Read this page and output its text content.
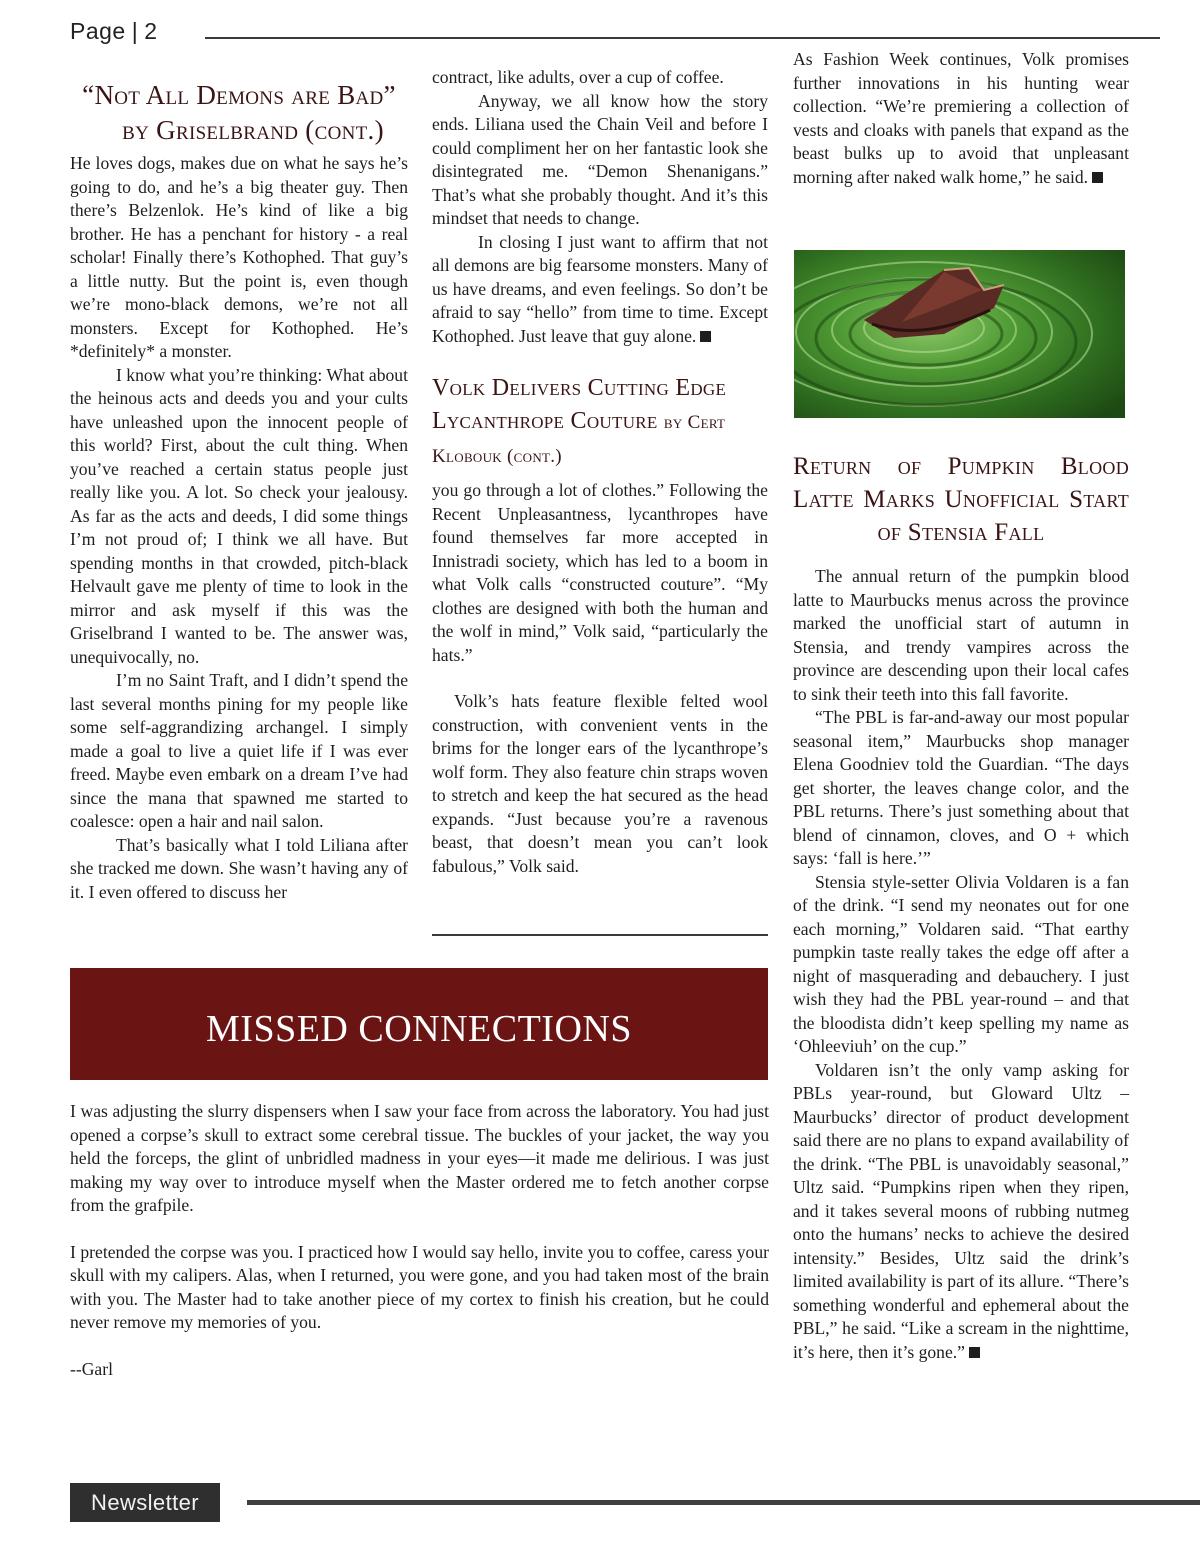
Page | 2
“Not All Demons are Bad”
by Griselbrand (cont.)

He loves dogs, makes due on what he says he’s going to do, and he’s a big theater guy. Then there’s Belzenlok. He’s kind of like a big brother. He has a penchant for history - a real scholar! Finally there’s Kothophed. That guy’s a little nutty. But the point is, even though we’re mono-black demons, we’re not all monsters. Except for Kothophed. He’s *definitely* a monster.

I know what you’re thinking: What about the heinous acts and deeds you and your cults have unleashed upon the innocent people of this world? First, about the cult thing. When you’ve reached a certain status people just really like you. A lot. So check your jealousy. As far as the acts and deeds, I did some things I’m not proud of; I think we all have. But spending months in that crowded, pitch-black Helvault gave me plenty of time to look in the mirror and ask myself if this was the Griselbrand I wanted to be. The answer was, unequivocally, no.

I’m no Saint Traft, and I didn’t spend the last several months pining for my people like some self-aggrandizing archangel. I simply made a goal to live a quiet life if I was ever freed. Maybe even embark on a dream I’ve had since the mana that spawned me started to coalesce: open a hair and nail salon.

That’s basically what I told Liliana after she tracked me down. She wasn’t having any of it. I even offered to discuss her

contract, like adults, over a cup of coffee.

Anyway, we all know how the story ends. Liliana used the Chain Veil and before I could compliment her on her fantastic look she disintegrated me. “Demon Shenanigans.” That’s what she probably thought. And it’s this mindset that needs to change.

In closing I just want to affirm that not all demons are big fearsome monsters. Many of us have dreams, and even feelings. So don’t be afraid to say “hello” from time to time. Except Kothophed. Just leave that guy alone.

Volk Delivers Cutting Edge Lycanthrope Couture by Cert Klobouk (cont.)

you go through a lot of clothes.” Following the Recent Unpleasantness, lycanthropes have found themselves far more accepted in Innistradi society, which has led to a boom in what Volk calls “constructed couture”. “My clothes are designed with both the human and the wolf in mind,” Volk said, “particularly the hats.”

Volk’s hats feature flexible felted wool construction, with convenient vents in the brims for the longer ears of the lycanthrope’s wolf form. They also feature chin straps woven to stretch and keep the hat secured as the head expands. “Just because you’re a ravenous beast, that doesn’t mean you can’t look fabulous,” Volk said.

As Fashion Week continues, Volk promises further innovations in his hunting wear collection. “We’re premiering a collection of vests and cloaks with panels that expand as the beast bulks up to avoid that unpleasant morning after naked walk home,” he said.

Return of Pumpkin Blood Latte Marks Unofficial Start of Stensia Fall

The annual return of the pumpkin blood latte to Maurbucks menus across the province marked the unofficial start of autumn in Stensia, and trendy vampires across the province are descending upon their local cafes to sink their teeth into this fall favorite.

“The PBL is far-and-away our most popular seasonal item,” Maurbucks shop manager Elena Goodniev told the Guardian. “The days get shorter, the leaves change color, and the PBL returns. There’s just something about that blend of cinnamon, cloves, and O + which says: ‘fall is here.’”

Stensia style-setter Olivia Voldaren is a fan of the drink. “I send my neonates out for one each morning,” Voldaren said. “That earthy pumpkin taste really takes the edge off after a night of masquerading and debauchery. I just wish they had the PBL year-round – and that the bloodista didn’t keep spelling my name as ‘Ohleeviuh’ on the cup.”

Voldaren isn’t the only vamp asking for PBLs year-round, but Gloward Ultz – Maurbucks’ director of product development said there are no plans to expand availability of the drink. “The PBL is unavoidably seasonal,” Ultz said. “Pumpkins ripen when they ripen, and it takes several moons of rubbing nutmeg onto the humans’ necks to achieve the desired intensity.” Besides, Ultz said the drink’s limited availability is part of its allure. “There’s something wonderful and ephemeral about the PBL,” he said. “Like a scream in the nighttime, it’s here, then it’s gone.”

MISSED CONNECTIONS

I was adjusting the slurry dispensers when I saw your face from across the laboratory. You had just opened a corpse’s skull to extract some cerebral tissue. The buckles of your jacket, the way you held the forceps, the glint of unbridled madness in your eyes—it made me delirious. I was just making my way over to introduce myself when the Master ordered me to fetch another corpse from the grafpile.

I pretended the corpse was you. I practiced how I would say hello, invite you to coffee, caress your skull with my calipers. Alas, when I returned, you were gone, and you had taken most of the brain with you. The Master had to take another piece of my cortex to finish his creation, but he could never remove my memories of you.

--Garl

Newsletter
